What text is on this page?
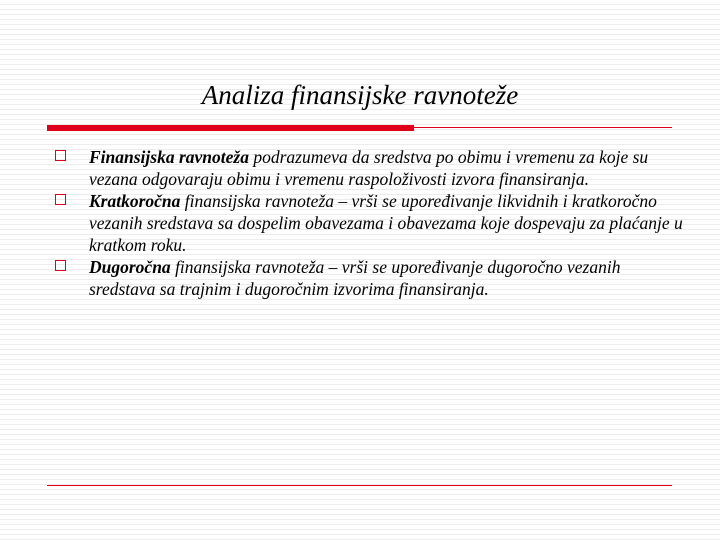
Analiza finansijske ravnoteže
Finansijska ravnoteža podrazumeva da sredstva po obimu i vremenu za koje su vezana odgovaraju obimu i vremenu raspoloživosti izvora finansiranja.
Kratkoročna finansijska ravnoteža – vrši se upoređivanje likvidnih i kratkoročno vezanih sredstava sa dospelim obavezama i obavezama koje dospevaju za plaćanje u kratkom roku.
Dugoročna finansijska ravnoteža – vrši se upoređivanje dugoročno vezanih sredstava sa trajnim i dugoročnim izvorima finansiranja.
